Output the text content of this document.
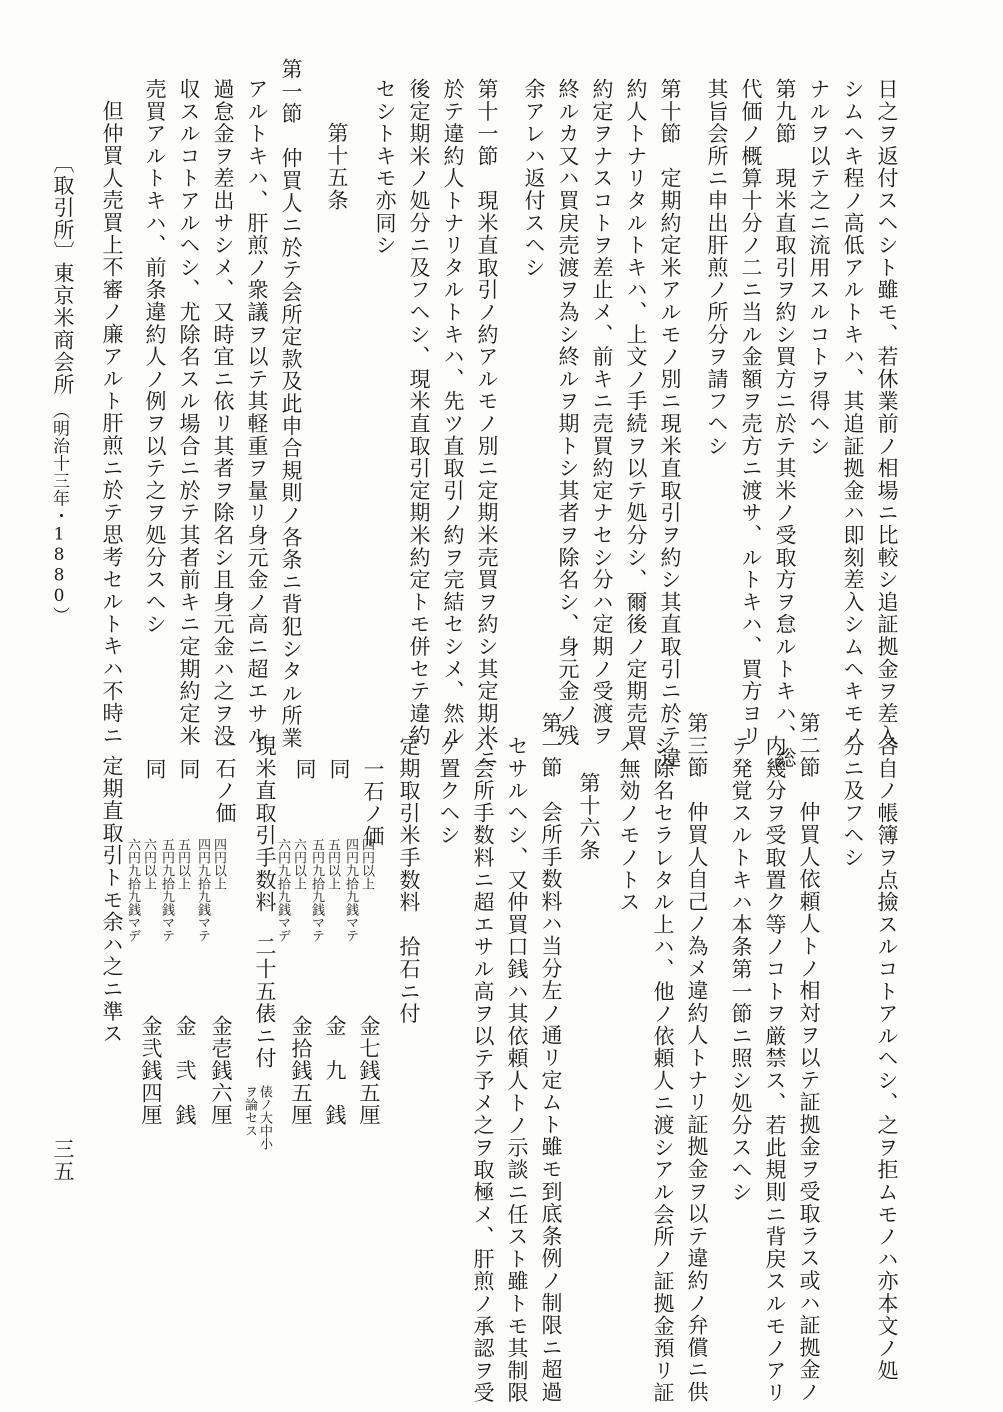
日之ヲ返付スヘシト雖モ、若休業前ノ相場ニ比較シ追証拠金ヲ差入

シムヘキ程ノ高低アルトキハ、其追証拠金ハ即刻差入シムヘキモノ

ナルヲ以テ之ニ流用スルコトヲ得ヘシ

第九節　現米直取引ヲ約シ買方ニ於テ其米ノ受取方ヲ怠ルトキハ、総

代価ノ概算十分ノ二ニ当ル金額ヲ売方ニ渡サ、ルトキハ、買方ヨリ

其旨会所ニ申出肝煎ノ所分ヲ請フヘシ

第十節　定期約定米アルモノ別ニ現米直取引ヲ約シ其直取引ニ於テ違

約人トナリタルトキハ、上文ノ手続ヲ以テ処分シ、爾後ノ定期売買

約定ヲナスコトヲ差止メ、前キニ売買約定ナセシ分ハ定期ノ受渡ヲ

終ルカ又ハ買戻売渡ヲ為シ終ルヲ期トシ其者ヲ除名シ、身元金ノ残

余アレハ返付スヘシ

第十一節　現米直取引ノ約アルモノ別ニ定期米売買ヲ約シ其定期米ニ

於テ違約人トナリタルトキハ、先ツ直取引ノ約ヲ完結セシメ、然ル

後定期米ノ処分ニ及フヘシ、現米直取引定期米約定トモ併セテ違約

セシトキモ亦同シ

第十五条

第一節　仲買人ニ於テ会所定款及此申合規則ノ各条ニ背犯シタル所業

アルトキハ、肝煎ノ衆議ヲ以テ其軽重ヲ量リ身元金ノ高ニ超エサル

過怠金ヲ差出サシメ、又時宜ニ依リ其者ヲ除名シ且身元金ハ之ヲ没

収スルコトアルヘシ、尤除名スル場合ニ於テ其者前キニ定期約定米

売買アルトキハ、前条違約人ノ例ヲ以テ之ヲ処分スヘシ

但仲買人売買上不審ノ廉アルト肝煎ニ於テ思考セルトキハ不時ニ

各自ノ帳簿ヲ点撿スルコトアルヘシ、之ヲ拒ムモノハ亦本文ノ処

分ニ及フヘシ

第二節　仲買人依頼人トノ相対ヲ以テ証拠金ヲ受取ラス或ハ証拠金ノ

内幾分ヲ受取置ク等ノコトヲ厳禁ス、若此規則ニ背戻スルモノアリ

テ発覚スルトキハ本条第一節ニ照シ処分スヘシ

第三節　仲買人自己ノ為メ違約人トナリ証拠金ヲ以テ違約ノ弁償ニ供

シ除名セラレタル上ハ、他ノ依頼人ニ渡シアル会所ノ証拠金預リ証

ハ無効ノモノトス

第十六条

第一節　会所手数料ハ当分左ノ通リ定ムト雖モ到底条例ノ制限ニ超過

セサルヘシ、又仲買口銭ハ其依頼人トノ示談ニ任スト雖トモ其制限

ハ会所手数料ニ超エサル高ヲ以テ予メ之ヲ取極メ、肝煎ノ承認ヲ受

ケ置クヘシ

定期取引米手数料　拾石ニ付

一石ノ価

四円以上

四円九拾九銭マテ

金七銭五厘

同

五円以上

五円九拾九銭マテ

金　九　銭

同

六円以上

六円九拾九銭マデ

金拾銭五厘

現米直取引手数料　二十五俵ニ付

俵ノ大中小

ヲ論セス

一石ノ価

四円以上

四円九拾九銭マテ

金壱銭六厘

同

五円以上

五円九拾九銭マテ

金　弐　銭

同

六円以上

六円九拾九銭マデ

金弐銭四厘

定期直取引トモ余ハ之ニ準ス

〔取引所〕

東京米商会所

（明治十三年・1880）

三五
